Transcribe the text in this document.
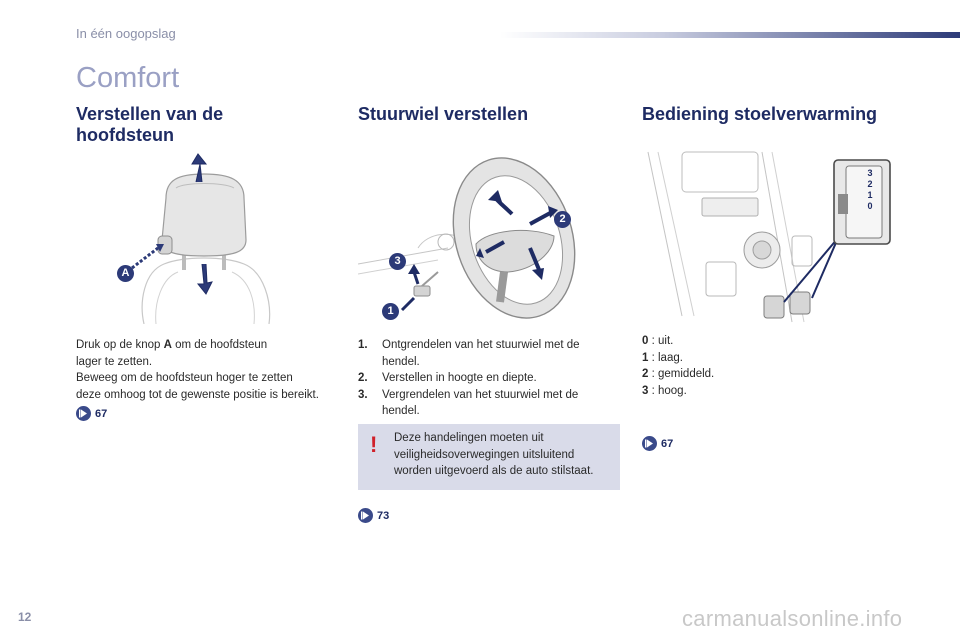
In één oogopslag
Comfort
Verstellen van de
hoofdsteun
A
Druk op de knop A om de hoofdsteun
lager te zetten.
Beweeg om de hoofdsteun hoger te zetten
deze omhoog tot de gewenste positie is bereikt.
67
Stuurwiel verstellen
1
2
3
1.	Ontgrendelen van het stuurwiel met de hendel.
2.	Verstellen in hoogte en diepte.
3.	Vergrendelen van het stuurwiel met de hendel.
! Deze handelingen moeten uit veiligheidsoverwegingen uitsluitend worden uitgevoerd als de auto stilstaat.
73
Bediening stoelverwarming
3
2
1
0

0 : uit.

1 : laag.

2 : gemiddeld.

3 : hoog.

67
12	carmanualsonline.info
